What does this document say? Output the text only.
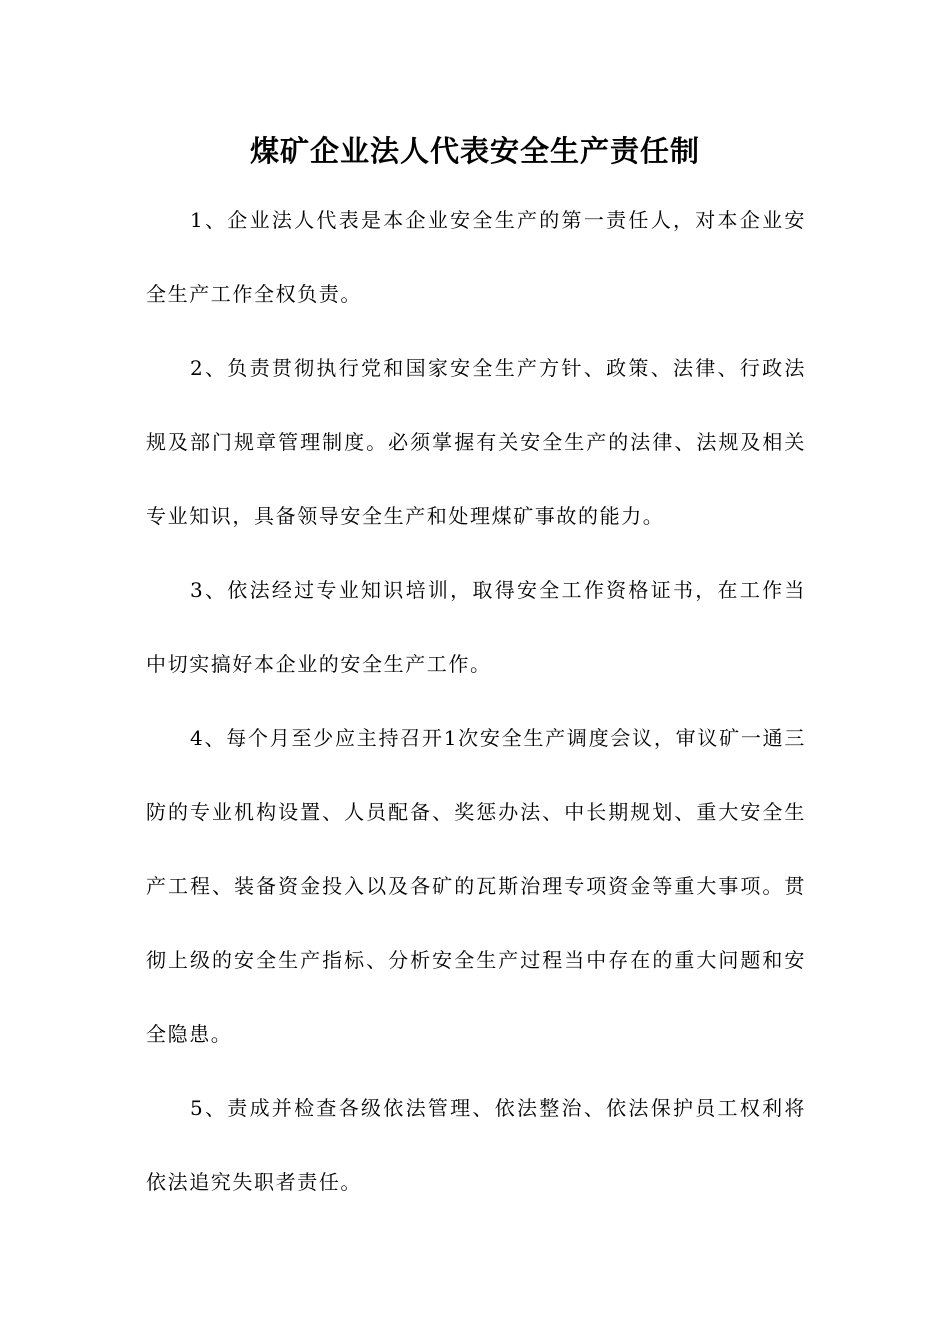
煤矿企业法人代表安全生产责任制

1、企业法人代表是本企业安全生产的第一责任人，对本企业安全生产工作全权负责。

2、负责贯彻执行党和国家安全生产方针、政策、法律、行政法规及部门规章管理制度。必须掌握有关安全生产的法律、法规及相关专业知识，具备领导安全生产和处理煤矿事故的能力。

3、依法经过专业知识培训，取得安全工作资格证书，在工作当中切实搞好本企业的安全生产工作。

4、每个月至少应主持召开1次安全生产调度会议，审议矿一通三防的专业机构设置、人员配备、奖惩办法、中长期规划、重大安全生产工程、装备资金投入以及各矿的瓦斯治理专项资金等重大事项。贯彻上级的安全生产指标、分析安全生产过程当中存在的重大问题和安全隐患。

5、责成并检查各级依法管理、依法整治、依法保护员工权利将依法追究失职者责任。
